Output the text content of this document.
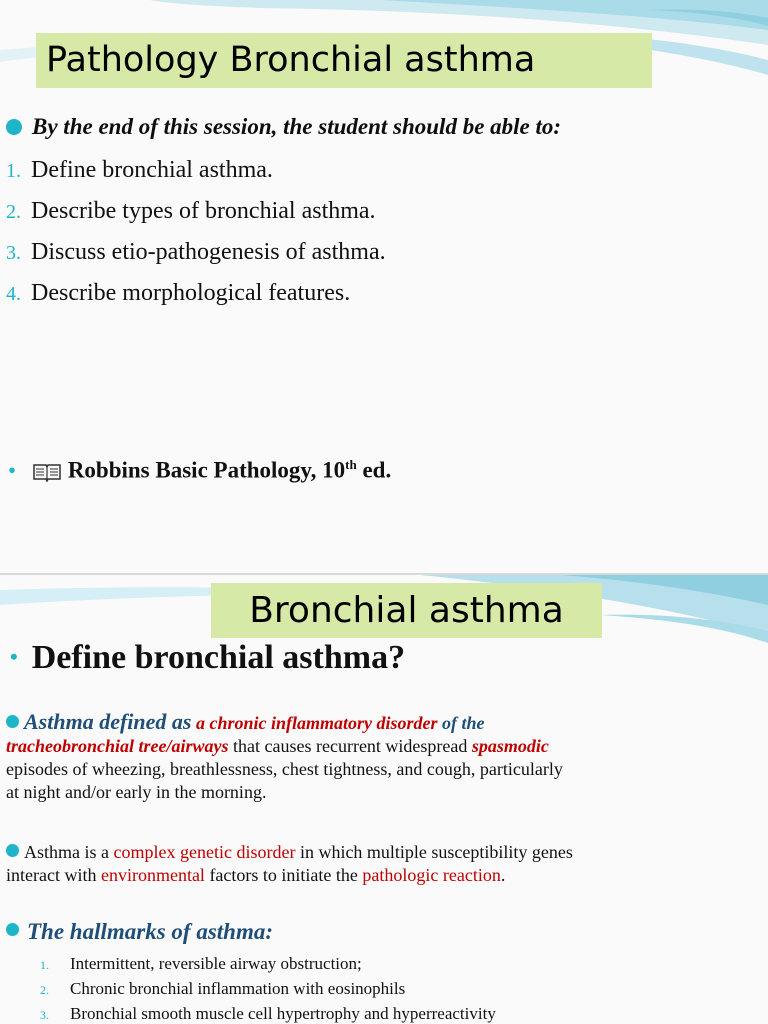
Pathology Bronchial asthma
By the end of this session, the student should be able to:
1. Define bronchial asthma.
2. Describe types of bronchial asthma.
3. Discuss etio-pathogenesis of asthma.
4. Describe morphological features.
• Robbins Basic Pathology, 10th ed.
Bronchial asthma
• Define bronchial asthma?

Asthma defined as a chronic inflammatory disorder of the

tracheobronchial tree/airways that causes recurrent widespread spasmodic

episodes of wheezing, breathlessness, chest tightness, and cough, particularly

at night and/or early in the morning.

Asthma is a complex genetic disorder in which multiple susceptibility genes

interact with environmental factors to initiate the pathologic reaction.

The hallmarks of asthma:
1. Intermittent, reversible airway obstruction;
2. Chronic bronchial inflammation with eosinophils
3. Bronchial smooth muscle cell hypertrophy and hyperreactivity
